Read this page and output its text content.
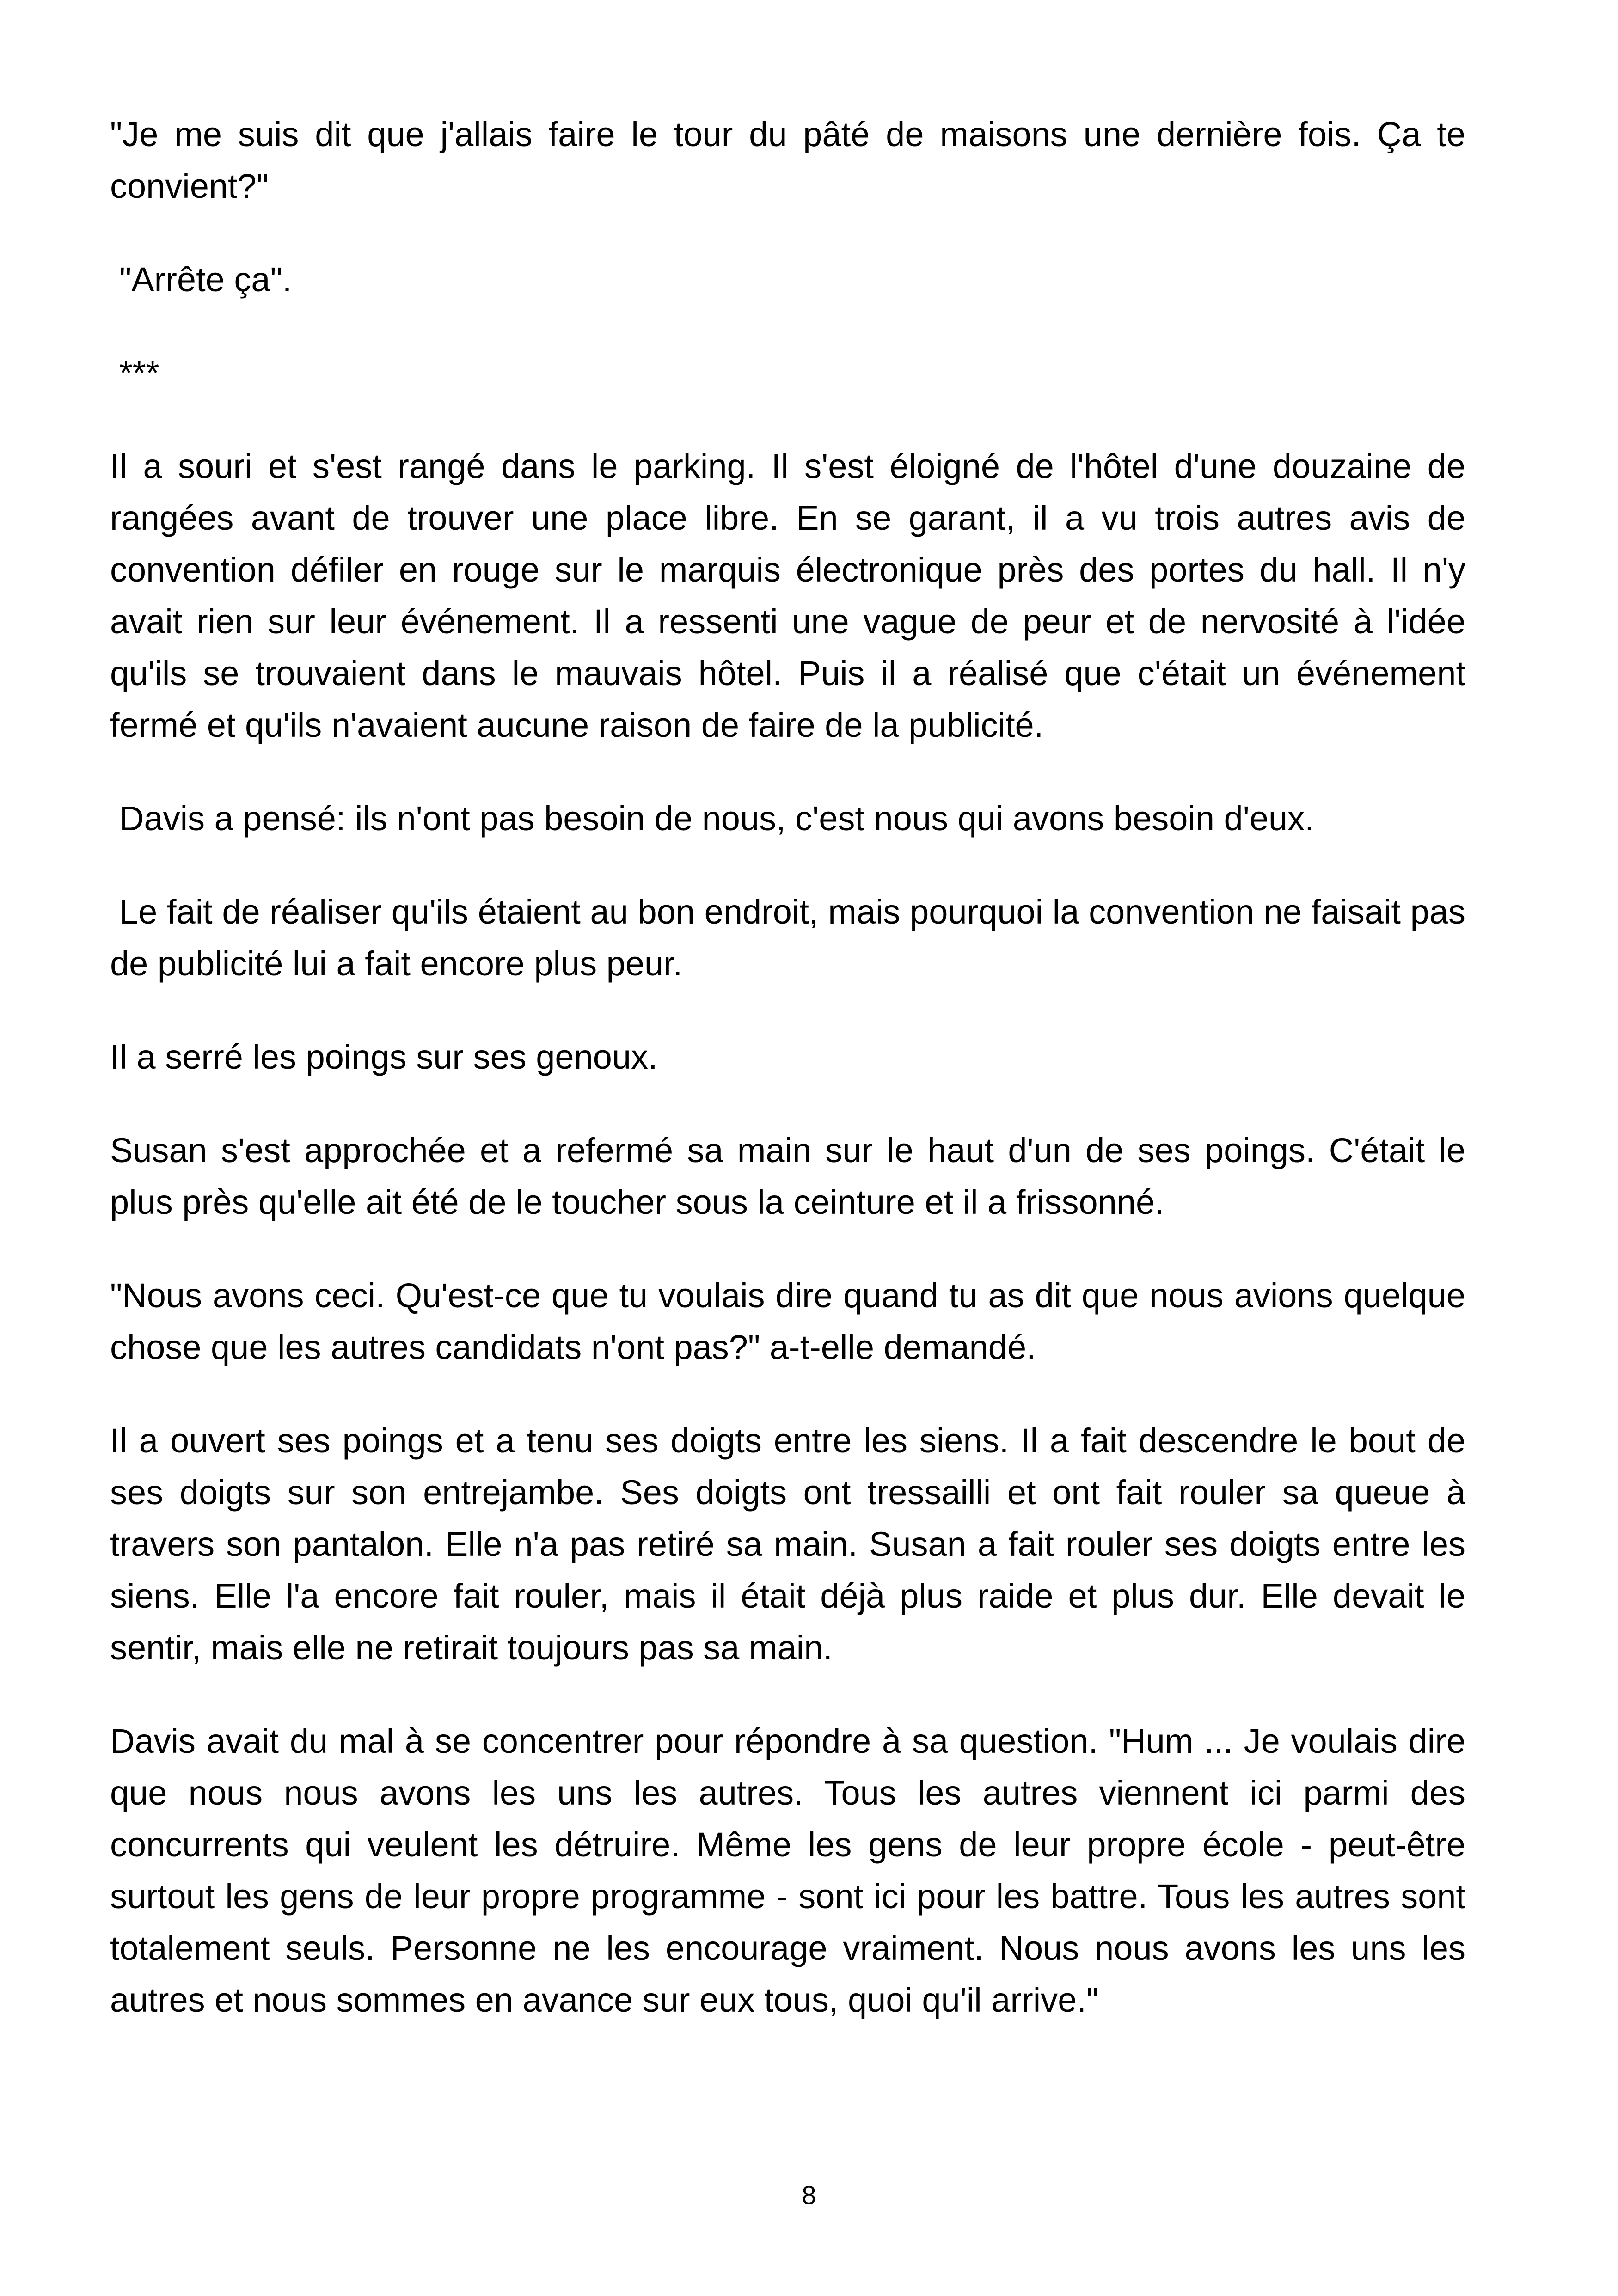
"Je me suis dit que j'allais faire le tour du pâté de maisons une dernière fois. Ça te convient?"

"Arrête ça".

***

Il a souri et s'est rangé dans le parking. Il s'est éloigné de l'hôtel d'une douzaine de rangées avant de trouver une place libre. En se garant, il a vu trois autres avis de convention défiler en rouge sur le marquis électronique près des portes du hall. Il n'y avait rien sur leur événement. Il a ressenti une vague de peur et de nervosité à l'idée qu'ils se trouvaient dans le mauvais hôtel. Puis il a réalisé que c'était un événement fermé et qu'ils n'avaient aucune raison de faire de la publicité.

Davis a pensé: ils n'ont pas besoin de nous, c'est nous qui avons besoin d'eux.

Le fait de réaliser qu'ils étaient au bon endroit, mais pourquoi la convention ne faisait pas de publicité lui a fait encore plus peur.

Il a serré les poings sur ses genoux.

Susan s'est approchée et a refermé sa main sur le haut d'un de ses poings. C'était le plus près qu'elle ait été de le toucher sous la ceinture et il a frissonné.

"Nous avons ceci. Qu'est-ce que tu voulais dire quand tu as dit que nous avions quelque chose que les autres candidats n'ont pas?" a-t-elle demandé.

Il a ouvert ses poings et a tenu ses doigts entre les siens. Il a fait descendre le bout de ses doigts sur son entrejambe. Ses doigts ont tressailli et ont fait rouler sa queue à travers son pantalon. Elle n'a pas retiré sa main. Susan a fait rouler ses doigts entre les siens. Elle l'a encore fait rouler, mais il était déjà plus raide et plus dur. Elle devait le sentir, mais elle ne retirait toujours pas sa main.

Davis avait du mal à se concentrer pour répondre à sa question. "Hum ... Je voulais dire que nous nous avons les uns les autres. Tous les autres viennent ici parmi des concurrents qui veulent les détruire. Même les gens de leur propre école - peut-être surtout les gens de leur propre programme - sont ici pour les battre. Tous les autres sont totalement seuls. Personne ne les encourage vraiment. Nous nous avons les uns les autres et nous sommes en avance sur eux tous, quoi qu'il arrive."

8
